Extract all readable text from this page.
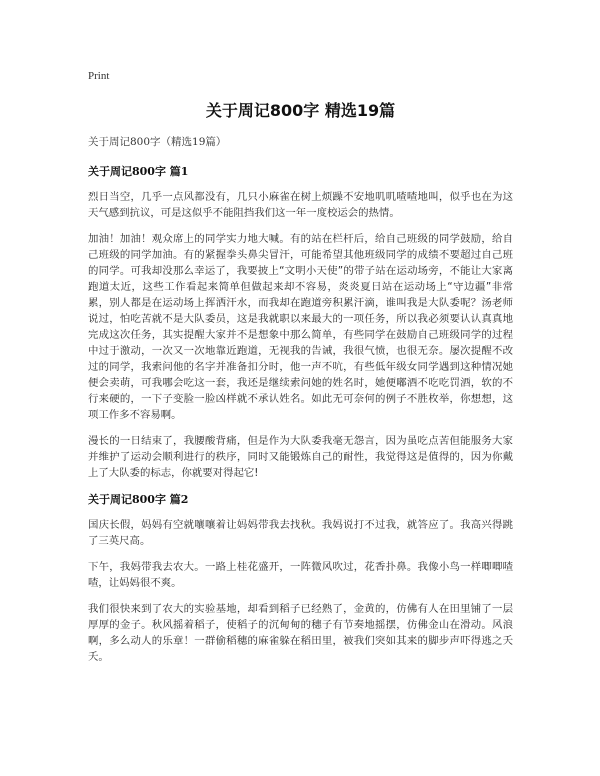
Print
关于周记800字 精选19篇

关于周记800字（精选19篇）

关于周记800字 篇1

烈日当空，几乎一点风都没有，几只小麻雀在树上烦躁不安地叽叽喳喳地叫，似乎也在为这天气感到抗议，可是这似乎不能阻挡我们这一年一度校运会的热情。

加油！加油！观众席上的同学实力地大喊。有的站在栏杆后，给自己班级的同学鼓励，给自己班级的同学加油。有的紧握拳头鼻尖冒汗，可能希望其他班级同学的成绩不要超过自己班的同学。可我却没那么幸运了，我要披上“文明小天使”的带子站在运动场旁，不能让大家离跑道太近，这些工作看起来简单但做起来却不容易，炎炎夏日站在运动场上“守边疆”非常累，别人都是在运动场上挥洒汗水，而我却在跑道旁积累汗滴，谁叫我是大队委呢？汤老师说过，怕吃苦就不是大队委员，这是我就职以来最大的一项任务，所以我必须要认认真真地完成这次任务，其实提醒大家并不是想象中那么简单，有些同学在鼓励自己班级同学的过程中过于激动，一次又一次地靠近跑道，无视我的告诫，我很气愤，也很无奈。屡次提醒不改过的同学，我索问他的名字并准备扣分时，他一声不吭，有些低年级女同学遇到这种情况她便会卖萌，可我哪会吃这一套，我还是继续索问她的姓名时，她便嘟酒不吃吃罚酒，软的不行来硬的，一下子变脸一脸凶样就不承认姓名。如此无可奈何的例子不胜枚举，你想想，这项工作多不容易啊。

漫长的一日结束了，我腰酸背痛，但是作为大队委我毫无怨言，因为虽吃点苦但能服务大家并维护了运动会顺利进行的秩序，同时又能锻炼自己的耐性，我觉得这是值得的，因为你戴上了大队委的标志，你就要对得起它!

关于周记800字 篇2

国庆长假，妈妈有空就嚷嚷着让妈妈带我去找秋。我妈说打不过我，就答应了。我高兴得跳了三英尺高。

下午，我妈带我去农大。一路上桂花盛开，一阵微风吹过，花香扑鼻。我像小鸟一样唧唧喳喳，让妈妈很不爽。

我们很快来到了农大的实验基地，却看到稻子已经熟了，金黄的，仿佛有人在田里铺了一层厚厚的金子。秋风摇着稻子，使稻子的沉甸甸的穗子有节奏地摇摆，仿佛金山在滑动。风浪啊，多么动人的乐章！一群偷稻穗的麻雀躲在稻田里，被我们突如其来的脚步声吓得逃之夭夭。
